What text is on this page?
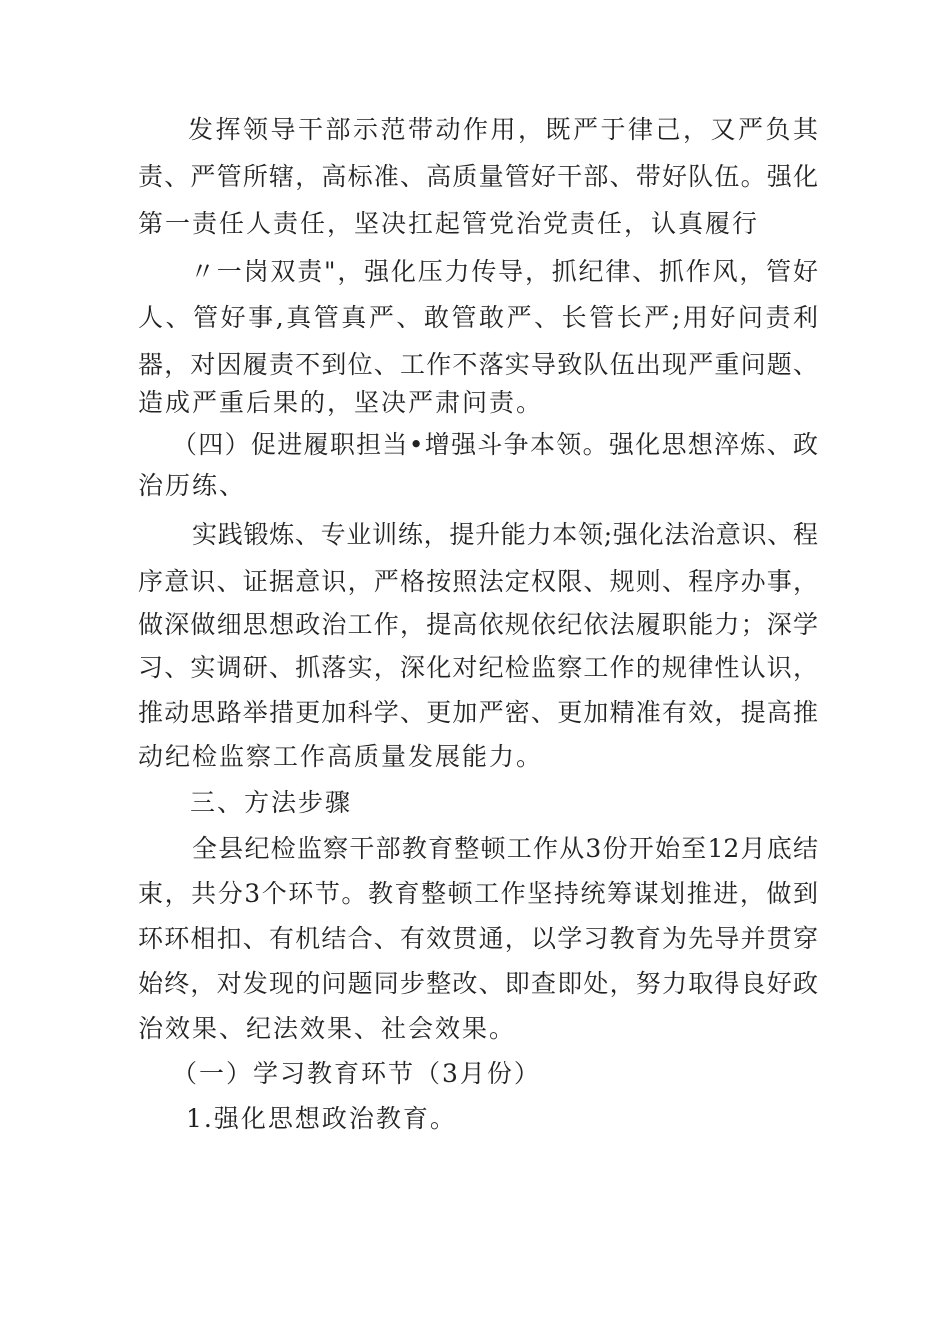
发挥领导干部示范带动作用，既严于律己，又严负其

责、严管所辖，高标准、高质量管好干部、带好队伍。强化

第一责任人责任，坚决扛起管党治党责任，认真履行

〃一岗双责"，强化压力传导，抓纪律、抓作风，管好

人、管好事,真管真严、敢管敢严、长管长严;用好问责利

器，对因履责不到位、工作不落实导致队伍出现严重问题、

造成严重后果的，坚决严肃问责。

（四）促进履职担当•增强斗争本领。强化思想淬炼、政

治历练、

实践锻炼、专业训练，提升能力本领;强化法治意识、程

序意识、证据意识，严格按照法定权限、规则、程序办事，

做深做细思想政治工作，提高依规依纪依法履职能力；深学

习、实调研、抓落实，深化对纪检监察工作的规律性认识，

推动思路举措更加科学、更加严密、更加精准有效，提高推

动纪检监察工作高质量发展能力。

三、方法步骤

全县纪检监察干部教育整顿工作从3份开始至12月底结

束，共分3个环节。教育整顿工作坚持统筹谋划推进，做到

环环相扣、有机结合、有效贯通，以学习教育为先导并贯穿

始终，对发现的问题同步整改、即查即处，努力取得良好政

治效果、纪法效果、社会效果。

（一）学习教育环节（3月份）

1.强化思想政治教育。
